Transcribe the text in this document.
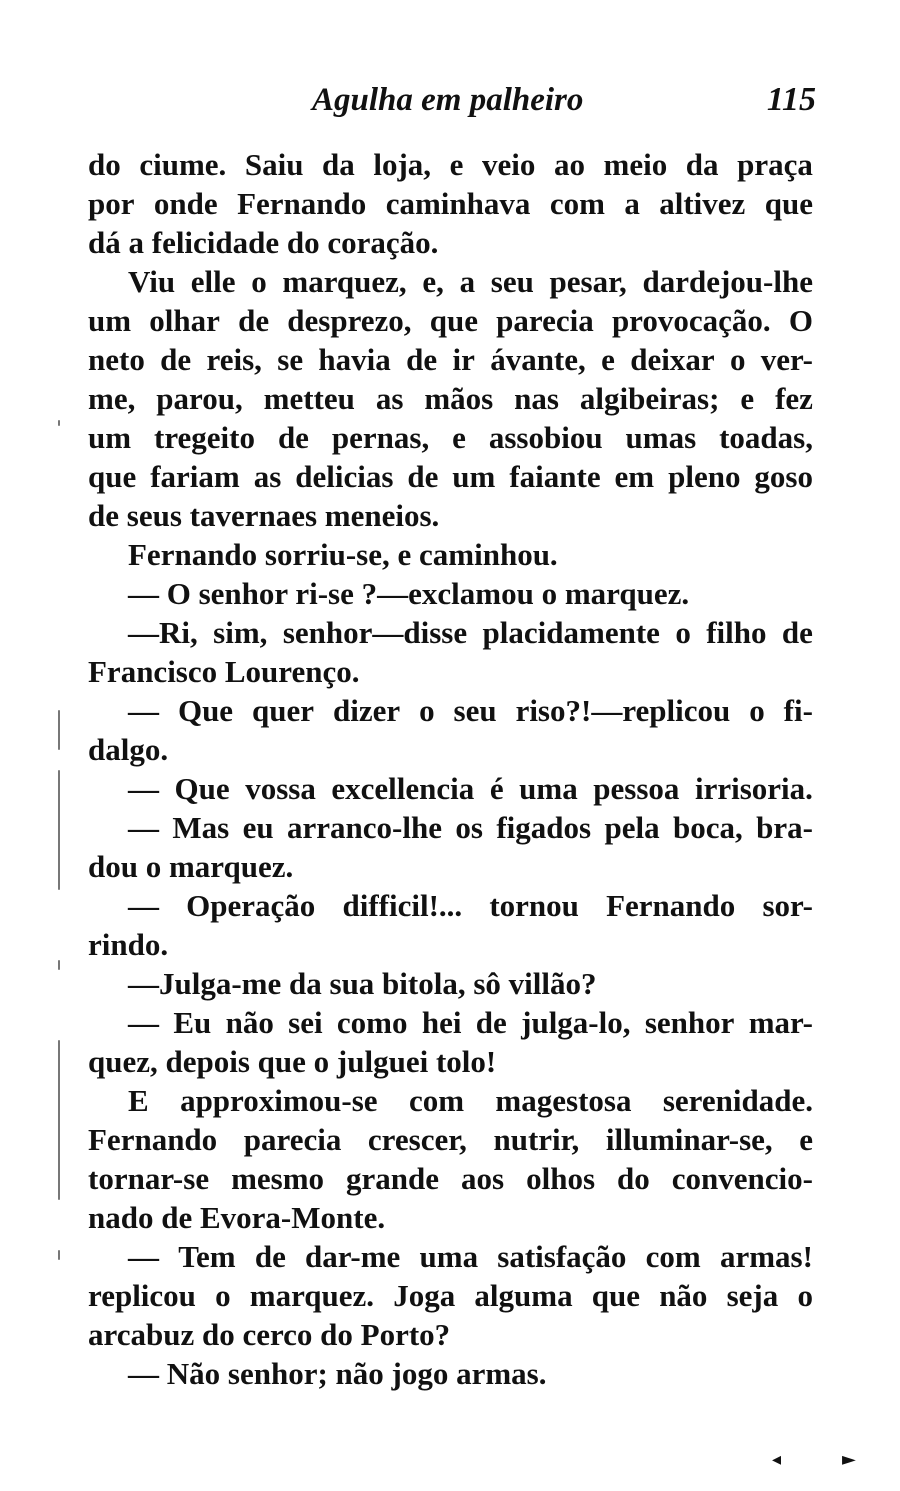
Agulha em palheiro	115
do ciume. Saiu da loja, e veio ao meio da praça
por onde Fernando caminhava com a altivez que
dá a felicidade do coração.
Viu elle o marquez, e, a seu pesar, dardejou-lhe
um olhar de desprezo, que parecia provocação. O
neto de reis, se havia de ir ávante, e deixar o ver-
me, parou, metteu as mãos nas algibeiras; e fez
um tregeito de pernas, e assobiou umas toadas,
que fariam as delicias de um faiante em pleno goso
de seus tavernaes meneios.
Fernando sorriu-se, e caminhou.
— O senhor ri-se ?—exclamou o marquez.
—Ri, sim, senhor—disse placidamente o filho de
Francisco Lourenço.
— Que quer dizer o seu riso?!—replicou o fi-
dalgo.
— Que vossa excellencia é uma pessoa irrisoria.
— Mas eu arranco-lhe os figados pela boca, bra-
dou o marquez.
— Operação difficil!... tornou Fernando sor-
rindo.
—Julga-me da sua bitola, sô villão?
— Eu não sei como hei de julga-lo, senhor mar-
quez, depois que o julguei tolo!
E approximou-se com magestosa serenidade.
Fernando parecia crescer, nutrir, illuminar-se, e
tornar-se mesmo grande aos olhos do convencio-
nado de Evora-Monte.
— Tem de dar-me uma satisfação com armas!
replicou o marquez. Joga alguma que não seja o
arcabuz do cerco do Porto?
— Não senhor; não jogo armas.
◂	►
